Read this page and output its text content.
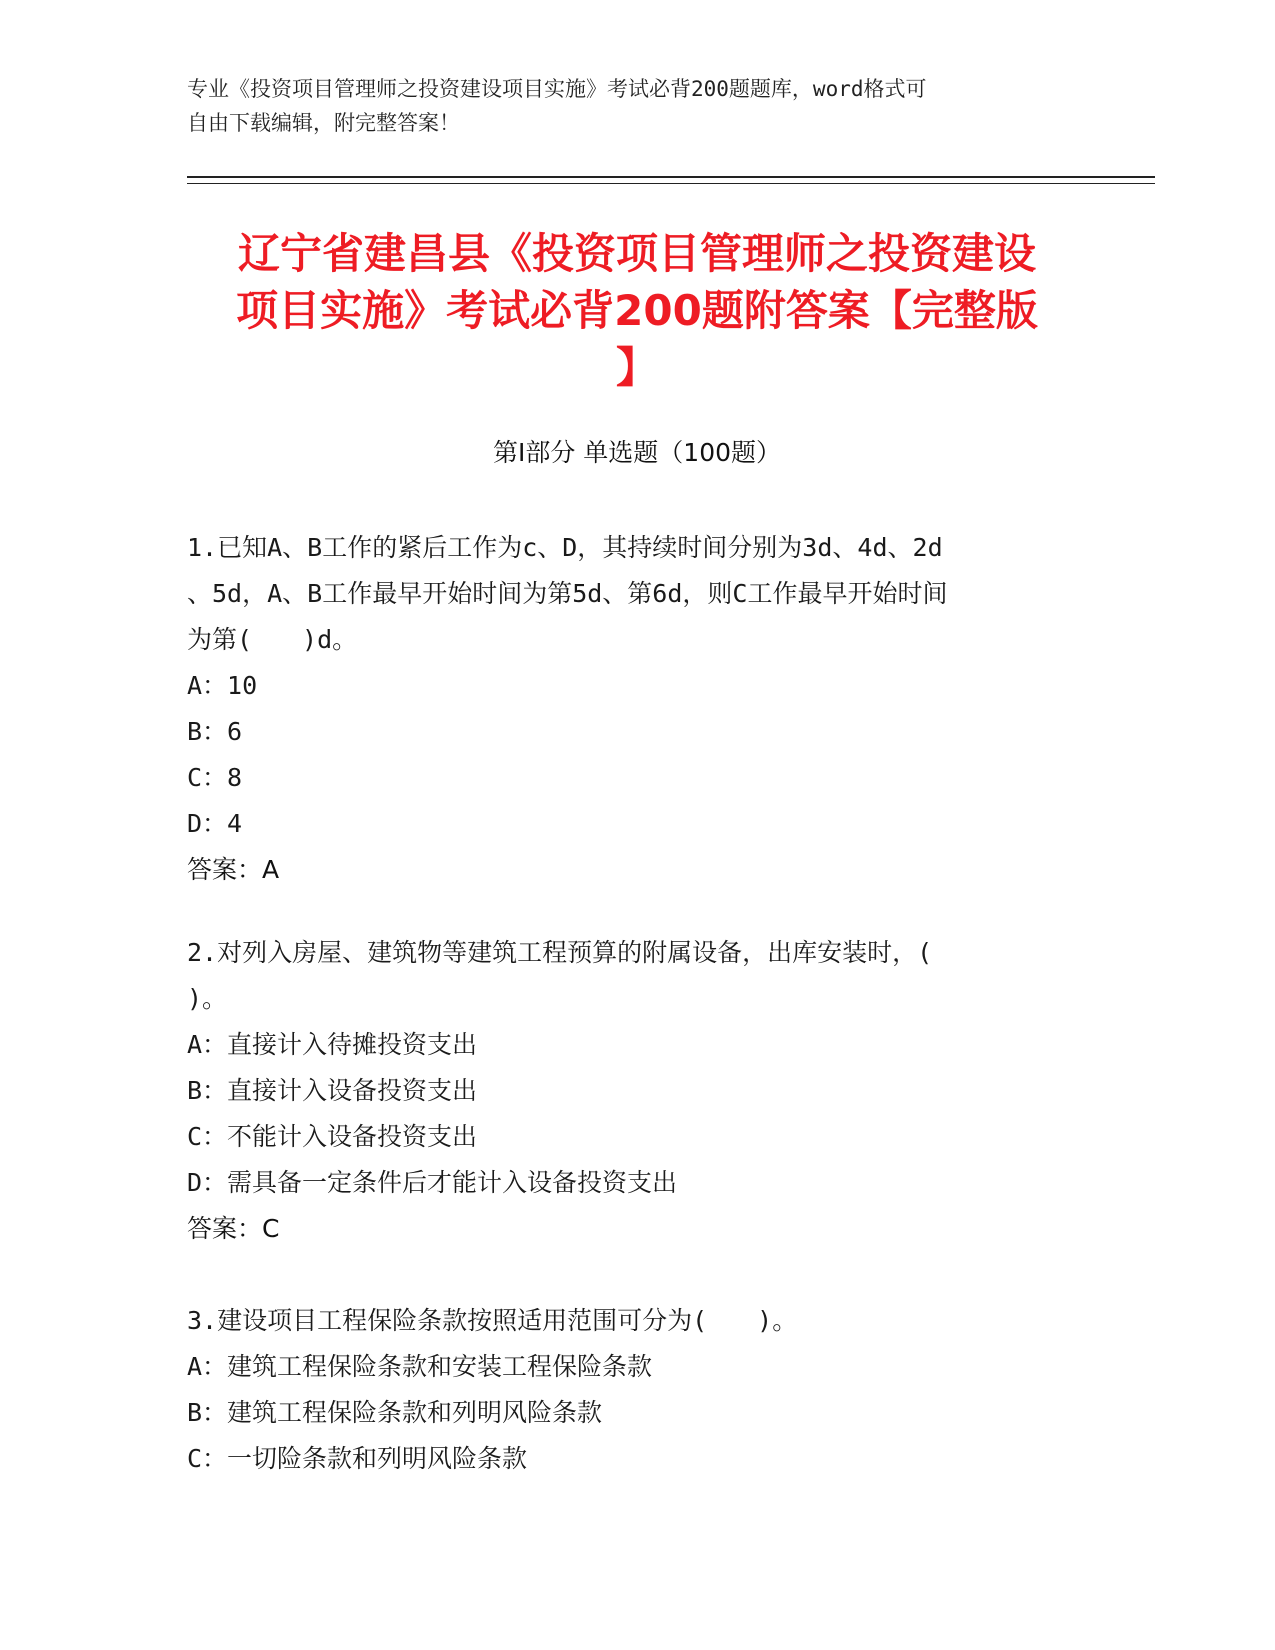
专业《投资项目管理师之投资建设项目实施》考试必背200题题库，word格式可
自由下载编辑，附完整答案！
辽宁省建昌县《投资项目管理师之投资建设
项目实施》考试必背200题附答案【完整版
】
第Ⅰ部分 单选题（100题）
1.已知A、B工作的紧后工作为c、D，其持续时间分别为3d、4d、2d
、5d，A、B工作最早开始时间为第5d、第6d，则C工作最早开始时间
为第(　　)d。
A：10
B：6
C：8
D：4
答案：A
2.对列入房屋、建筑物等建筑工程预算的附属设备，出库安装时，(
)。
A：直接计入待摊投资支出
B：直接计入设备投资支出
C：不能计入设备投资支出
D：需具备一定条件后才能计入设备投资支出
答案：C
3.建设项目工程保险条款按照适用范围可分为(　　)。
A：建筑工程保险条款和安装工程保险条款
B：建筑工程保险条款和列明风险条款
C：一切险条款和列明风险条款
